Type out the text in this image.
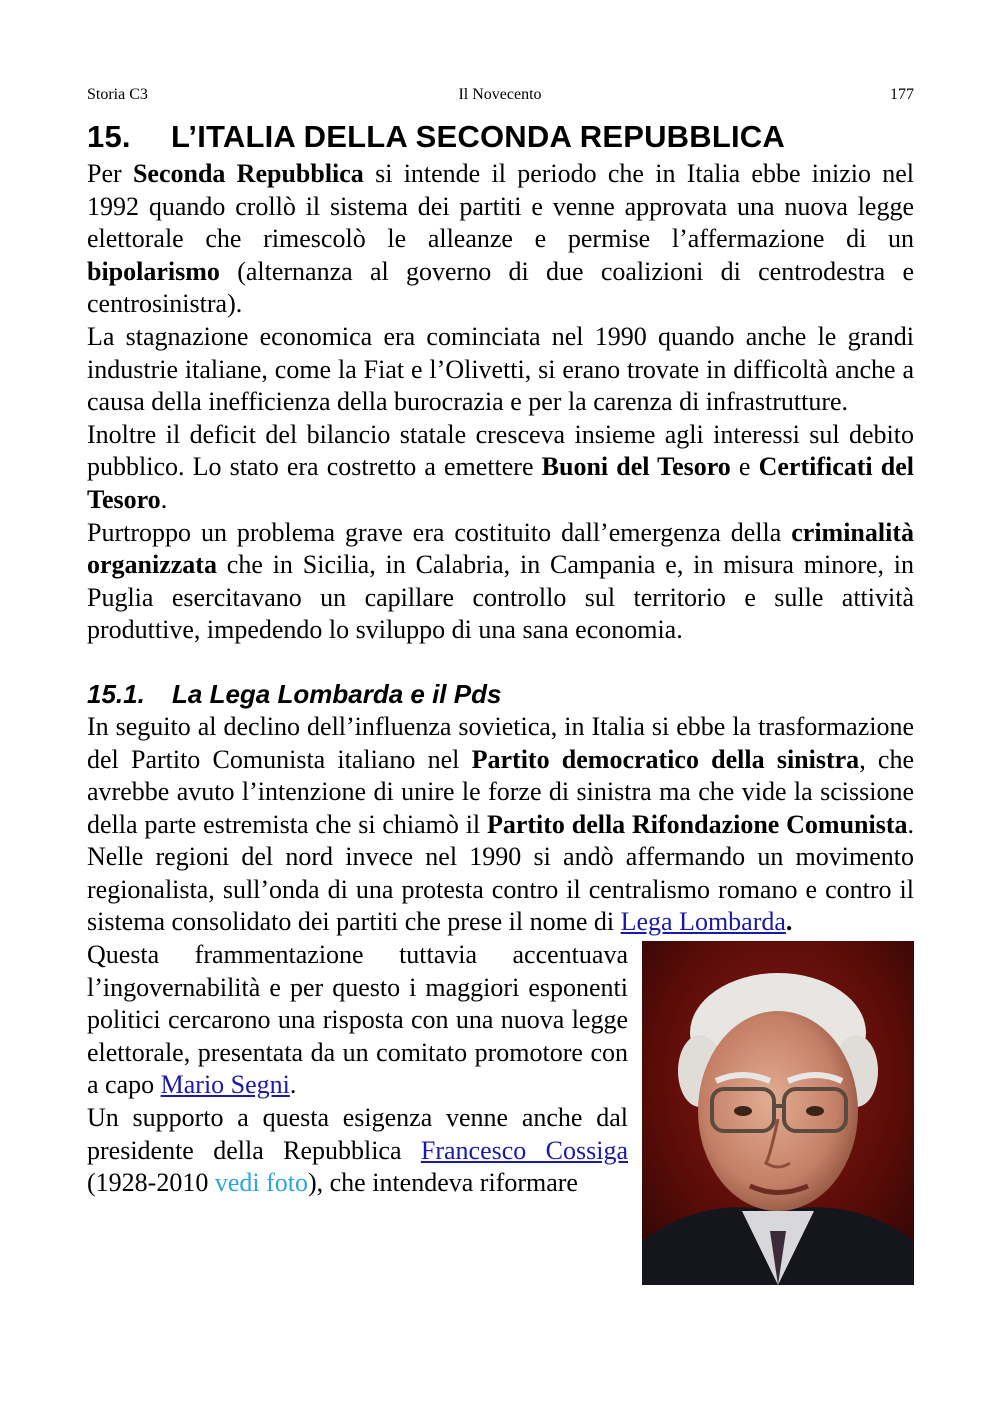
Storia C3	Il Novecento	177
15. L’ITALIA DELLA SECONDA REPUBBLICA

Per Seconda Repubblica si intende il periodo che in Italia ebbe inizio nel 1992 quando crollò il sistema dei partiti e venne approvata una nuova legge elettorale che rimescolò le alleanze e permise l’affermazione di un bipolarismo (alternanza al governo di due coalizioni di centrodestra e centrosinistra).

La stagnazione economica era cominciata nel 1990 quando anche le grandi industrie italiane, come la Fiat e l’Olivetti, si erano trovate in difficoltà anche a causa della inefficienza della burocrazia e per la carenza di infrastrutture.

Inoltre il deficit del bilancio statale cresceva insieme agli interessi sul debito pubblico. Lo stato era costretto a emettere Buoni del Tesoro e Certificati del Tesoro.

Purtroppo un problema grave era costituito dall’emergenza della criminalità organizzata che in Sicilia, in Calabria, in Campania e, in misura minore, in Puglia esercitavano un capillare controllo sul territorio e sulle attività produttive, impedendo lo sviluppo di una sana economia.

15.1. La Lega Lombarda e il Pds

In seguito al declino dell’influenza sovietica, in Italia si ebbe la trasformazione del Partito Comunista italiano nel Partito democratico della sinistra, che avrebbe avuto l’intenzione di unire le forze di sinistra ma che vide la scissione della parte estremista che si chiamò il Partito della Rifondazione Comunista. Nelle regioni del nord invece nel 1990 si andò affermando un movimento regionalista, sull’onda di una protesta contro il centralismo romano e contro il sistema consolidato dei partiti che prese il nome di Lega Lombarda.

Questa frammentazione tuttavia accentuava l’ingovernabilità e per questo i maggiori esponenti politici cercarono una risposta con una nuova legge elettorale, presentata da un comitato promotore con a capo Mario Segni.

Un supporto a questa esigenza venne anche dal presidente della Repubblica Francesco Cossiga (1928-2010 vedi foto), che intendeva riformare
